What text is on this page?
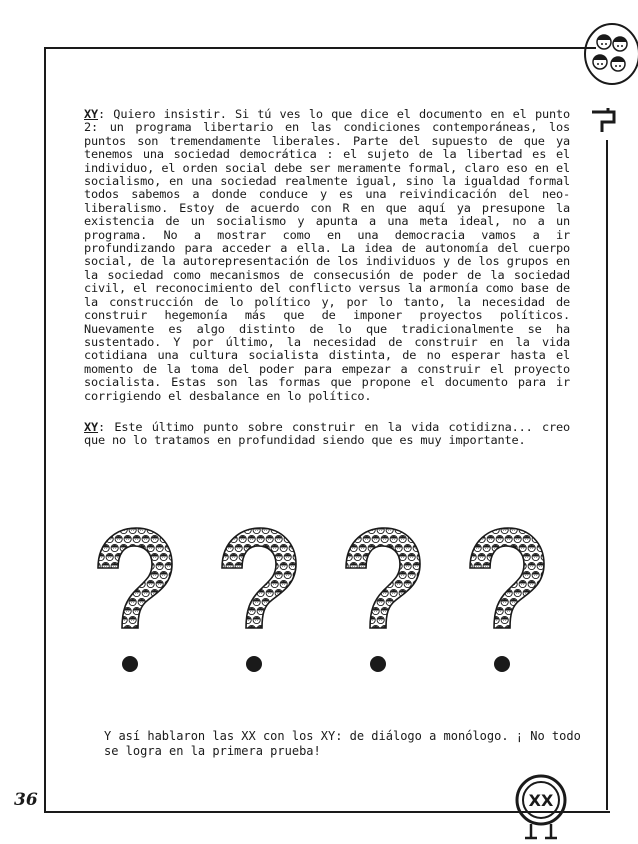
XY: Quiero insistir. Si tú ves lo que dice el documento en el punto 2: un programa libertario en las condiciones contemporáneas, los puntos son tremendamente liberales. Parte del supuesto de que ya tenemos una sociedad democrática : el sujeto de la libertad es el individuo, el orden social debe ser meramente formal, claro eso en el socialismo, en una sociedad realmente igual, sino la igualdad formal todos sabemos a donde conduce y es una reivindicación del neo-liberalismo. Estoy de acuerdo con R en que aquí ya presupone la existencia de un socialismo y apunta a una meta ideal, no a un programa. No a mostrar como en una democracia vamos a ir profundizando para acceder a ella. La idea de autonomía del cuerpo social, de la autorepresentación de los individuos y de los grupos en la sociedad como mecanismos de consecusión de poder de la sociedad civil, el reconocimiento del conflicto versus la armonía como base de la construcción de lo político y, por lo tanto, la necesidad de construir hegemonía más que de imponer proyectos políticos. Nuevamente es algo distinto de lo que tradicionalmente se ha sustentado. Y por último, la necesidad de construir en la vida cotidiana una cultura socialista distinta, de no esperar hasta el momento de la toma del poder para empezar a construir el proyecto socialista. Estas son las formas que propone el documento para ir corrigiendo el desbalance en lo político.

XY: Este último punto sobre construir en la vida cotidizna... creo que no lo tratamos en profundidad siendo que es muy importante.

Y así hablaron las XX con los XY: de diálogo a monólogo. ¡ No todo se logra en la primera prueba!
36	XX
